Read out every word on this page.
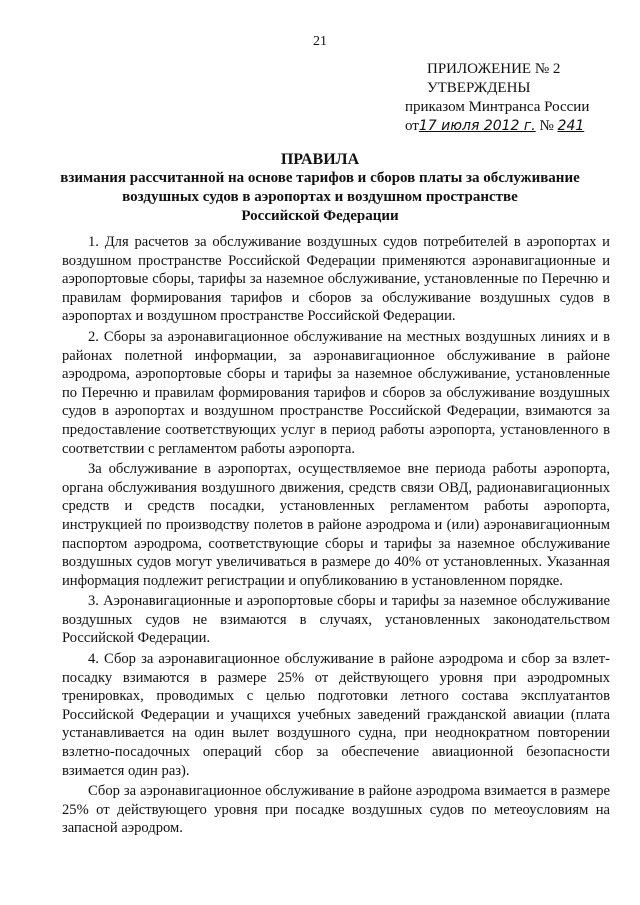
21
ПРИЛОЖЕНИЕ № 2
УТВЕРЖДЕНЫ
приказом Минтранса России
от17 июля 2012 г. № 241
ПРАВИЛА
взимания рассчитанной на основе тарифов и сборов платы за обслуживание
воздушных судов в аэропортах и воздушном пространстве
Российской Федерации

1. Для расчетов за обслуживание воздушных судов потребителей в аэропортах и воздушном пространстве Российской Федерации применяются аэронавигационные и аэропортовые сборы, тарифы за наземное обслуживание, установленные по Перечню и правилам формирования тарифов и сборов за обслуживание воздушных судов в аэропортах и воздушном пространстве Российской Федерации.

2. Сборы за аэронавигационное обслуживание на местных воздушных линиях и в районах полетной информации, за аэронавигационное обслуживание в районе аэродрома, аэропортовые сборы и тарифы за наземное обслуживание, установленные по Перечню и правилам формирования тарифов и сборов за обслуживание воздушных судов в аэропортах и воздушном пространстве Российской Федерации, взимаются за предоставление соответствующих услуг в период работы аэропорта, установленного в соответствии с регламентом работы аэропорта.

За обслуживание в аэропортах, осуществляемое вне периода работы аэропорта, органа обслуживания воздушного движения, средств связи ОВД, радионавигационных средств и средств посадки, установленных регламентом работы аэропорта, инструкцией по производству полетов в районе аэродрома и (или) аэронавигационным паспортом аэродрома, соответствующие сборы и тарифы за наземное обслуживание воздушных судов могут увеличиваться в размере до 40% от установленных. Указанная информация подлежит регистрации и опубликованию в установленном порядке.

3. Аэронавигационные и аэропортовые сборы и тарифы за наземное обслуживание воздушных судов не взимаются в случаях, установленных законодательством Российской Федерации.

4. Сбор за аэронавигационное обслуживание в районе аэродрома и сбор за взлет-посадку взимаются в размере 25% от действующего уровня при аэродромных тренировках, проводимых с целью подготовки летного состава эксплуатантов Российской Федерации и учащихся учебных заведений гражданской авиации (плата устанавливается на один вылет воздушного судна, при неоднократном повторении взлетно-посадочных операций сбор за обеспечение авиационной безопасности взимается один раз).

Сбор за аэронавигационное обслуживание в районе аэродрома взимается в размере 25% от действующего уровня при посадке воздушных судов по метеоусловиям на запасной аэродром.
